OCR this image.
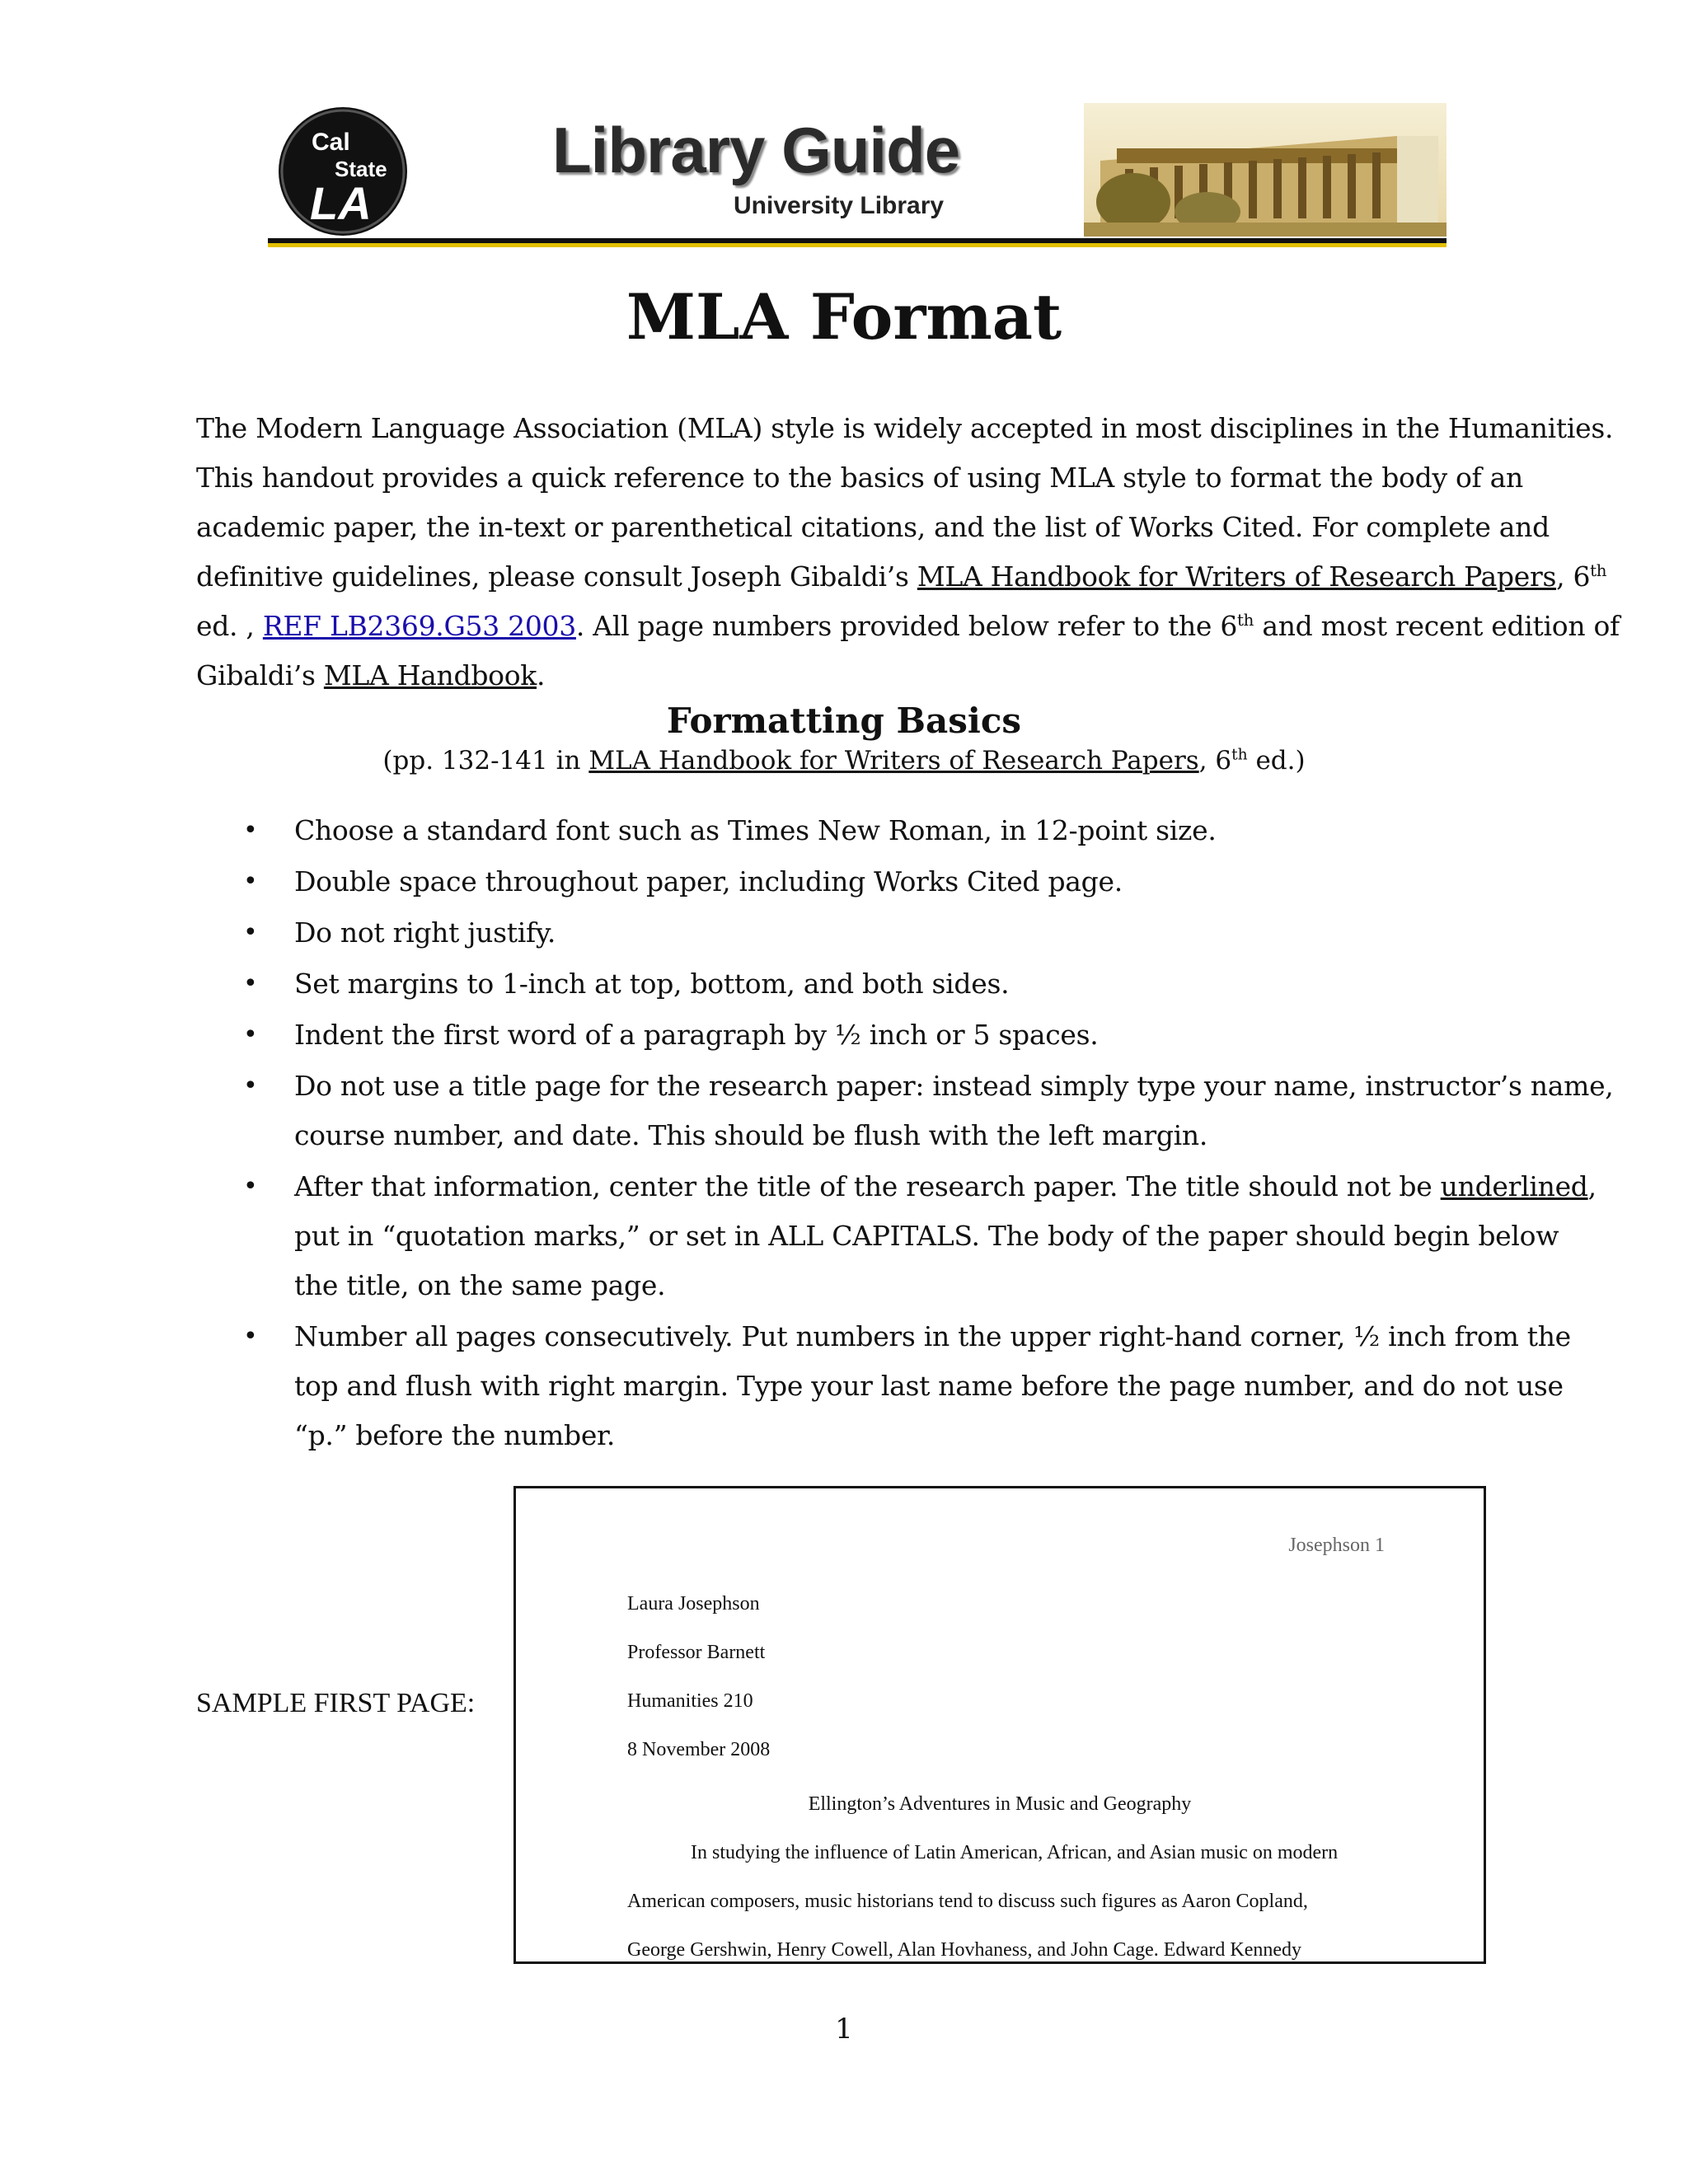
Cal
State
LA
Library Guide
University Library
MLA Format

The Modern Language Association (MLA) style is widely accepted in most disciplines in the Humanities.
This handout provides a quick reference to the basics of using MLA style to format the body of an
academic paper, the in-text or parenthetical citations, and the list of Works Cited. For complete and
definitive guidelines, please consult Joseph Gibaldi’s MLA Handbook for Writers of Research Papers, 6th
ed. , REF LB2369.G53 2003. All page numbers provided below refer to the 6th and most recent edition of
Gibaldi’s MLA Handbook.

Formatting Basics

(pp. 132-141 in MLA Handbook for Writers of Research Papers, 6th ed.)

• Choose a standard font such as Times New Roman, in 12-point size.
• Double space throughout paper, including Works Cited page.
• Do not right justify.
• Set margins to 1-inch at top, bottom, and both sides.
• Indent the first word of a paragraph by ½ inch or 5 spaces.
• Do not use a title page for the research paper: instead simply type your name, instructor’s name,
course number, and date. This should be flush with the left margin.
• After that information, center the title of the research paper. The title should not be underlined,
put in “quotation marks,” or set in ALL CAPITALS. The body of the paper should begin below
the title, on the same page.
• Number all pages consecutively. Put numbers in the upper right-hand corner, ½ inch from the
top and flush with right margin. Type your last name before the page number, and do not use
“p.” before the number.

SAMPLE FIRST PAGE:

Josephson 1
Laura Josephson
Professor Barnett
Humanities 210
8 November 2008
Ellington’s Adventures in Music and Geography
In studying the influence of Latin American, African, and Asian music on modern
American composers, music historians tend to discuss such figures as Aaron Copland,
George Gershwin, Henry Cowell, Alan Hovhaness, and John Cage. Edward Kennedy

1
